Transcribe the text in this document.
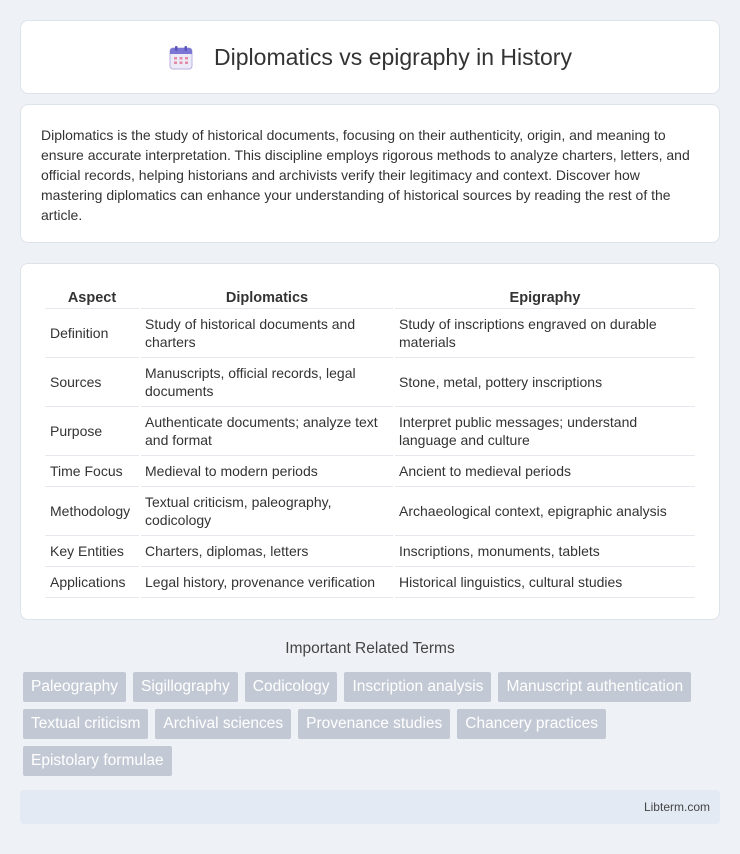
Diplomatics vs epigraphy in History

Diplomatics is the study of historical documents, focusing on their authenticity, origin, and meaning to ensure accurate interpretation. This discipline employs rigorous methods to analyze charters, letters, and official records, helping historians and archivists verify their legitimacy and context. Discover how mastering diplomatics can enhance your understanding of historical sources by reading the rest of the article.

Aspect	Diplomatics	Epigraphy
Definition	Study of historical documents and charters	Study of inscriptions engraved on durable materials
Sources	Manuscripts, official records, legal documents	Stone, metal, pottery inscriptions
Purpose	Authenticate documents; analyze text and format	Interpret public messages; understand language and culture
Time Focus	Medieval to modern periods	Ancient to medieval periods
Methodology	Textual criticism, paleography, codicology	Archaeological context, epigraphic analysis
Key Entities	Charters, diplomas, letters	Inscriptions, monuments, tablets
Applications	Legal history, provenance verification	Historical linguistics, cultural studies
Important Related Terms
Paleography	Sigillography	Codicology	Inscription analysis	Manuscript authentication
Textual criticism	Archival sciences	Provenance studies	Chancery practices
Epistolary formulae
Libterm.com
